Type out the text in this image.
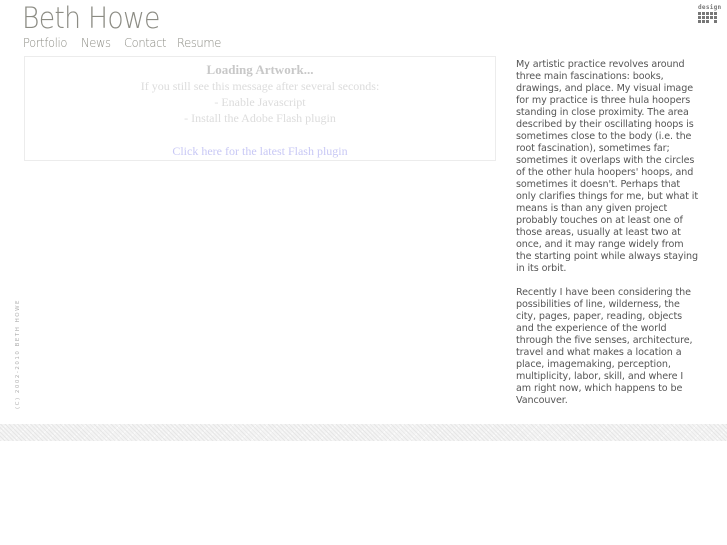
Beth Howe
Portfolio News Contact Resume
design
Loading Artwork...
If you still see this message after several seconds:
- Enable Javascript
- Install the Adobe Flash plugin
Click here for the latest Flash plugin

My artistic practice revolves around three main fascinations: books, drawings, and place. My visual image for my practice is three hula hoopers standing in close proximity. The area described by their oscillating hoops is sometimes close to the body (i.e. the root fascination), sometimes far; sometimes it overlaps with the circles of the other hula hoopers' hoops, and sometimes it doesn't. Perhaps that only clarifies things for me, but what it means is than any given project probably touches on at least one of those areas, usually at least two at once, and it may range widely from the starting point while always staying in its orbit.

Recently I have been considering the possibilities of line, wilderness, the city, pages, paper, reading, objects and the experience of the world through the five senses, architecture, travel and what makes a location a place, imagemaking, perception, multiplicity, labor, skill, and where I am right now, which happens to be Vancouver.

(C) 2002-2010 BETH HOWE
